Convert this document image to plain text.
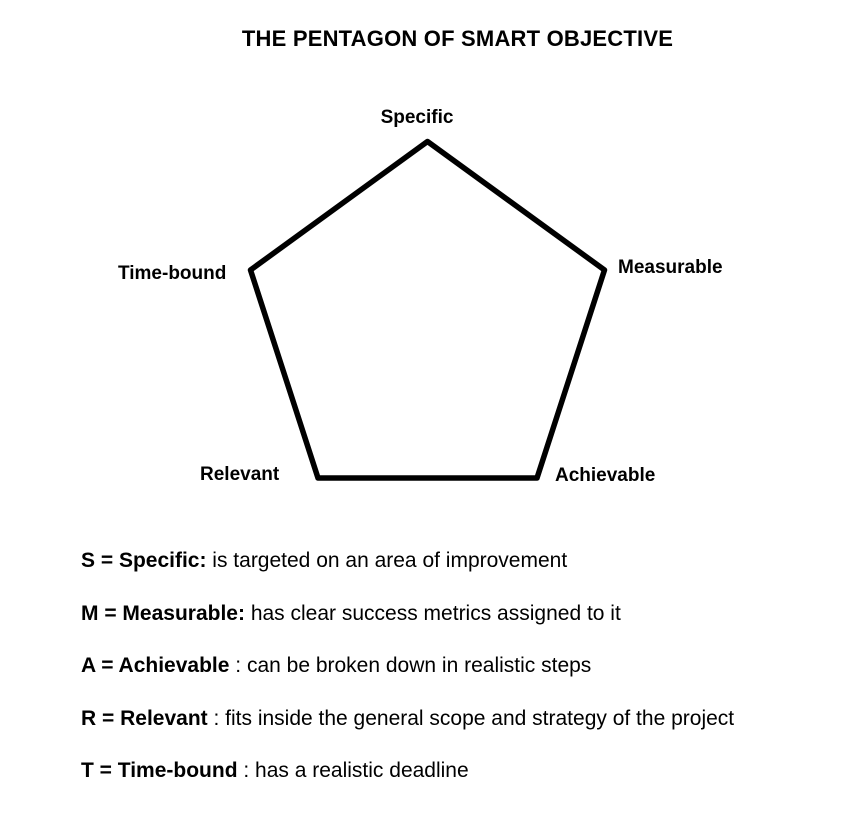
THE PENTAGON OF SMART OBJECTIVE
Specific
Measurable
Achievable
Relevant
Time-bound

S = Specific: is targeted on an area of improvement

M = Measurable: has clear success metrics assigned to it

A = Achievable : can be broken down in realistic steps

R = Relevant : fits inside the general scope and strategy of the project

T = Time-bound : has a realistic deadline
